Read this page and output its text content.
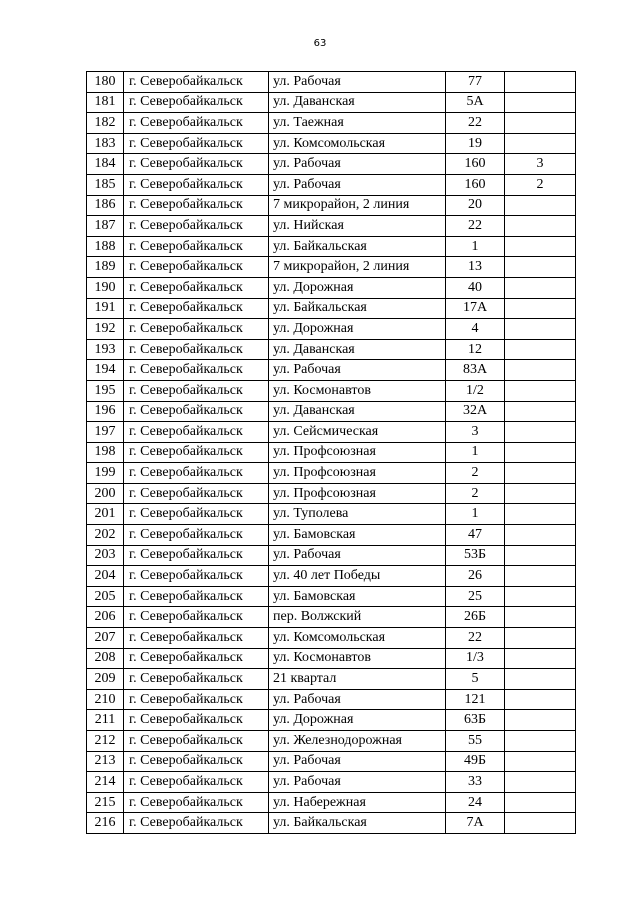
63
180	г. Северобайкальск	ул. Рабочая	77	
181	г. Северобайкальск	ул. Даванская	5А	
182	г. Северобайкальск	ул. Таежная	22	
183	г. Северобайкальск	ул. Комсомольская	19	
184	г. Северобайкальск	ул. Рабочая	160	3
185	г. Северобайкальск	ул. Рабочая	160	2
186	г. Северобайкальск	7 микрорайон, 2 линия	20	
187	г. Северобайкальск	ул. Нийская	22	
188	г. Северобайкальск	ул. Байкальская	1	
189	г. Северобайкальск	7 микрорайон, 2 линия	13	
190	г. Северобайкальск	ул. Дорожная	40	
191	г. Северобайкальск	ул. Байкальская	17А	
192	г. Северобайкальск	ул. Дорожная	4	
193	г. Северобайкальск	ул. Даванская	12	
194	г. Северобайкальск	ул. Рабочая	83А	
195	г. Северобайкальск	ул. Космонавтов	1/2	
196	г. Северобайкальск	ул. Даванская	32А	
197	г. Северобайкальск	ул. Сейсмическая	3	
198	г. Северобайкальск	ул. Профсоюзная	1	
199	г. Северобайкальск	ул. Профсоюзная	2	
200	г. Северобайкальск	ул. Профсоюзная	2	
201	г. Северобайкальск	ул. Туполева	1	
202	г. Северобайкальск	ул. Бамовская	47	
203	г. Северобайкальск	ул. Рабочая	53Б	
204	г. Северобайкальск	ул. 40 лет Победы	26	
205	г. Северобайкальск	ул. Бамовская	25	
206	г. Северобайкальск	пер. Волжский	26Б	
207	г. Северобайкальск	ул. Комсомольская	22	
208	г. Северобайкальск	ул. Космонавтов	1/3	
209	г. Северобайкальск	21 квартал	5	
210	г. Северобайкальск	ул. Рабочая	121	
211	г. Северобайкальск	ул. Дорожная	63Б	
212	г. Северобайкальск	ул. Железнодорожная	55	
213	г. Северобайкальск	ул. Рабочая	49Б	
214	г. Северобайкальск	ул. Рабочая	33	
215	г. Северобайкальск	ул. Набережная	24	
216	г. Северобайкальск	ул. Байкальская	7А	
